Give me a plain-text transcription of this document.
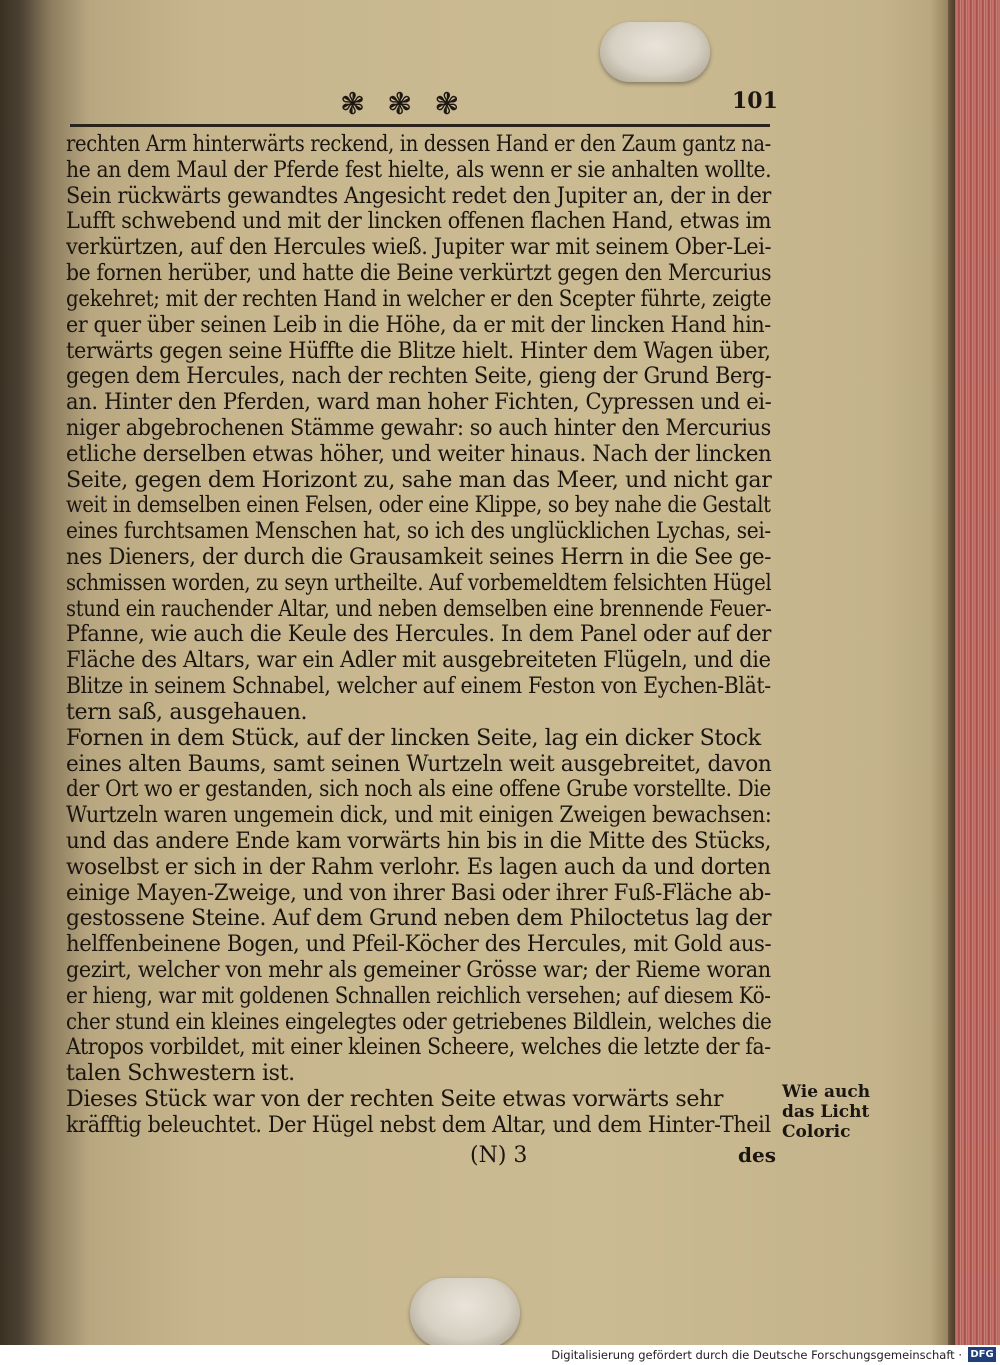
❃ ❃ ❃	101
rechten Arm hinterwärts reckend, in dessen Hand er den Zaum gantz na-
he an dem Maul der Pferde fest hielte, als wenn er sie anhalten wollte.
Sein rückwärts gewandtes Angesicht redet den Jupiter an, der in der
Lufft schwebend und mit der lincken offenen flachen Hand, etwas im
verkürtzen, auf den Hercules wieß. Jupiter war mit seinem Ober-Lei-
be fornen herüber, und hatte die Beine verkürtzt gegen den Mercurius
gekehret; mit der rechten Hand in welcher er den Scepter führte, zeigte
er quer über seinen Leib in die Höhe, da er mit der lincken Hand hin-
terwärts gegen seine Hüffte die Blitze hielt. Hinter dem Wagen über,
gegen dem Hercules, nach der rechten Seite, gieng der Grund Berg-
an. Hinter den Pferden, ward man hoher Fichten, Cypressen und ei-
niger abgebrochenen Stämme gewahr: so auch hinter den Mercurius
etliche derselben etwas höher, und weiter hinaus. Nach der lincken
Seite, gegen dem Horizont zu, sahe man das Meer, und nicht gar
weit in demselben einen Felsen, oder eine Klippe, so bey nahe die Gestalt
eines furchtsamen Menschen hat, so ich des unglücklichen Lychas, sei-
nes Dieners, der durch die Grausamkeit seines Herrn in die See ge-
schmissen worden, zu seyn urtheilte. Auf vorbemeldtem felsichten Hügel
stund ein rauchender Altar, und neben demselben eine brennende Feuer-
Pfanne, wie auch die Keule des Hercules. In dem Panel oder auf der
Fläche des Altars, war ein Adler mit ausgebreiteten Flügeln, und die
Blitze in seinem Schnabel, welcher auf einem Feston von Eychen-Blät-
tern saß, ausgehauen.
Fornen in dem Stück, auf der lincken Seite, lag ein dicker Stock
eines alten Baums, samt seinen Wurtzeln weit ausgebreitet, davon
der Ort wo er gestanden, sich noch als eine offene Grube vorstellte. Die
Wurtzeln waren ungemein dick, und mit einigen Zweigen bewachsen:
und das andere Ende kam vorwärts hin bis in die Mitte des Stücks,
woselbst er sich in der Rahm verlohr. Es lagen auch da und dorten
einige Mayen-Zweige, und von ihrer Basi oder ihrer Fuß-Fläche ab-
gestossene Steine. Auf dem Grund neben dem Philoctetus lag der
helffenbeinene Bogen, und Pfeil-Köcher des Hercules, mit Gold aus-
gezirt, welcher von mehr als gemeiner Grösse war; der Rieme woran
er hieng, war mit goldenen Schnallen reichlich versehen; auf diesem Kö-
cher stund ein kleines eingelegtes oder getriebenes Bildlein, welches die
Atropos vorbildet, mit einer kleinen Scheere, welches die letzte der fa-
talen Schwestern ist.
Dieses Stück war von der rechten Seite etwas vorwärts sehr
kräfftig beleuchtet. Der Hügel nebst dem Altar, und dem Hinter-Theil
Wie auch
das Licht
Coloric
(N) 3	des
Digitalisierung gefördert durch die Deutsche Forschungsgemeinschaft · DFG
